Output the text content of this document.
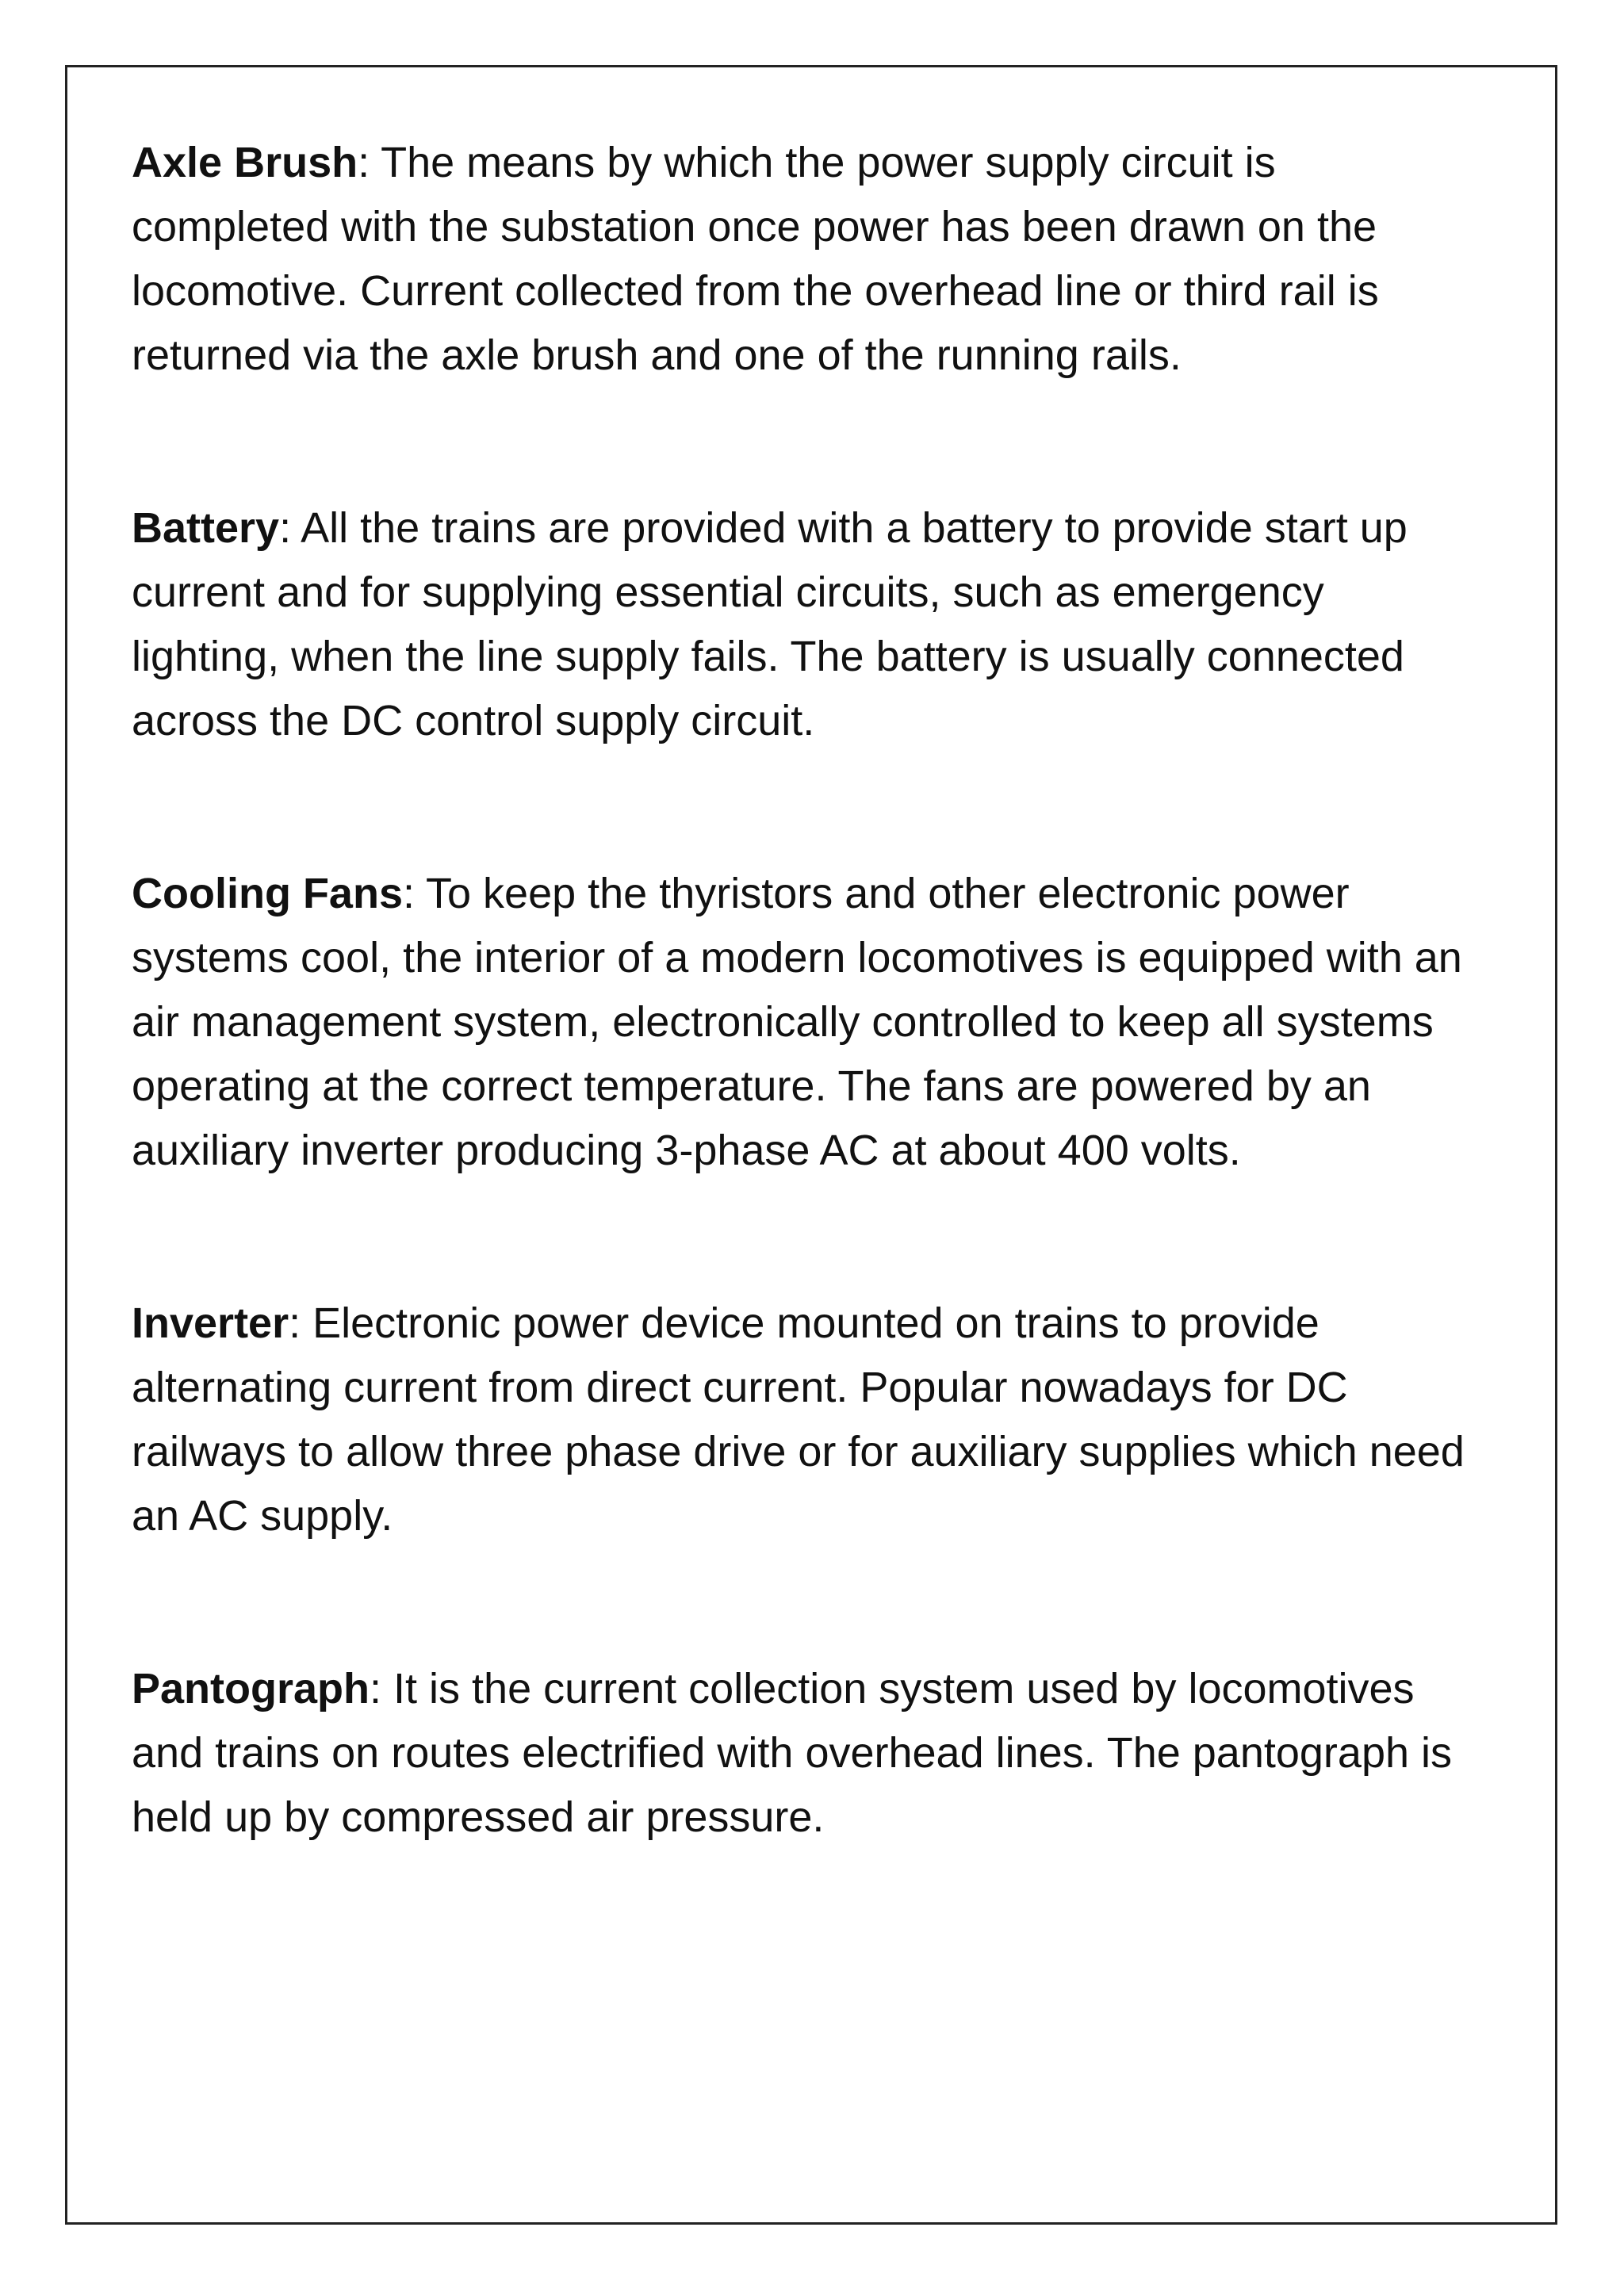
Axle Brush: The means by which the power supply circuit is completed with the substation once power has been drawn on the locomotive. Current collected from the overhead line or third rail is returned via the axle brush and one of the running rails.

Battery: All the trains are provided with a battery to provide start up current and for supplying essential circuits, such as emergency lighting, when the line supply fails. The battery is usually connected across the DC control supply circuit.

Cooling Fans: To keep the thyristors and other electronic power systems cool, the interior of a modern locomotives is equipped with an air management system, electronically controlled to keep all systems operating at the correct temperature. The fans are powered by an auxiliary inverter producing 3-phase AC at about 400 volts.

Inverter: Electronic power device mounted on trains to provide alternating current from direct current. Popular nowadays for DC railways to allow three phase drive or for auxiliary supplies which need an AC supply.

Pantograph: It is the current collection system used by locomotives and trains on routes electrified with overhead lines. The pantograph is held up by compressed air pressure.
